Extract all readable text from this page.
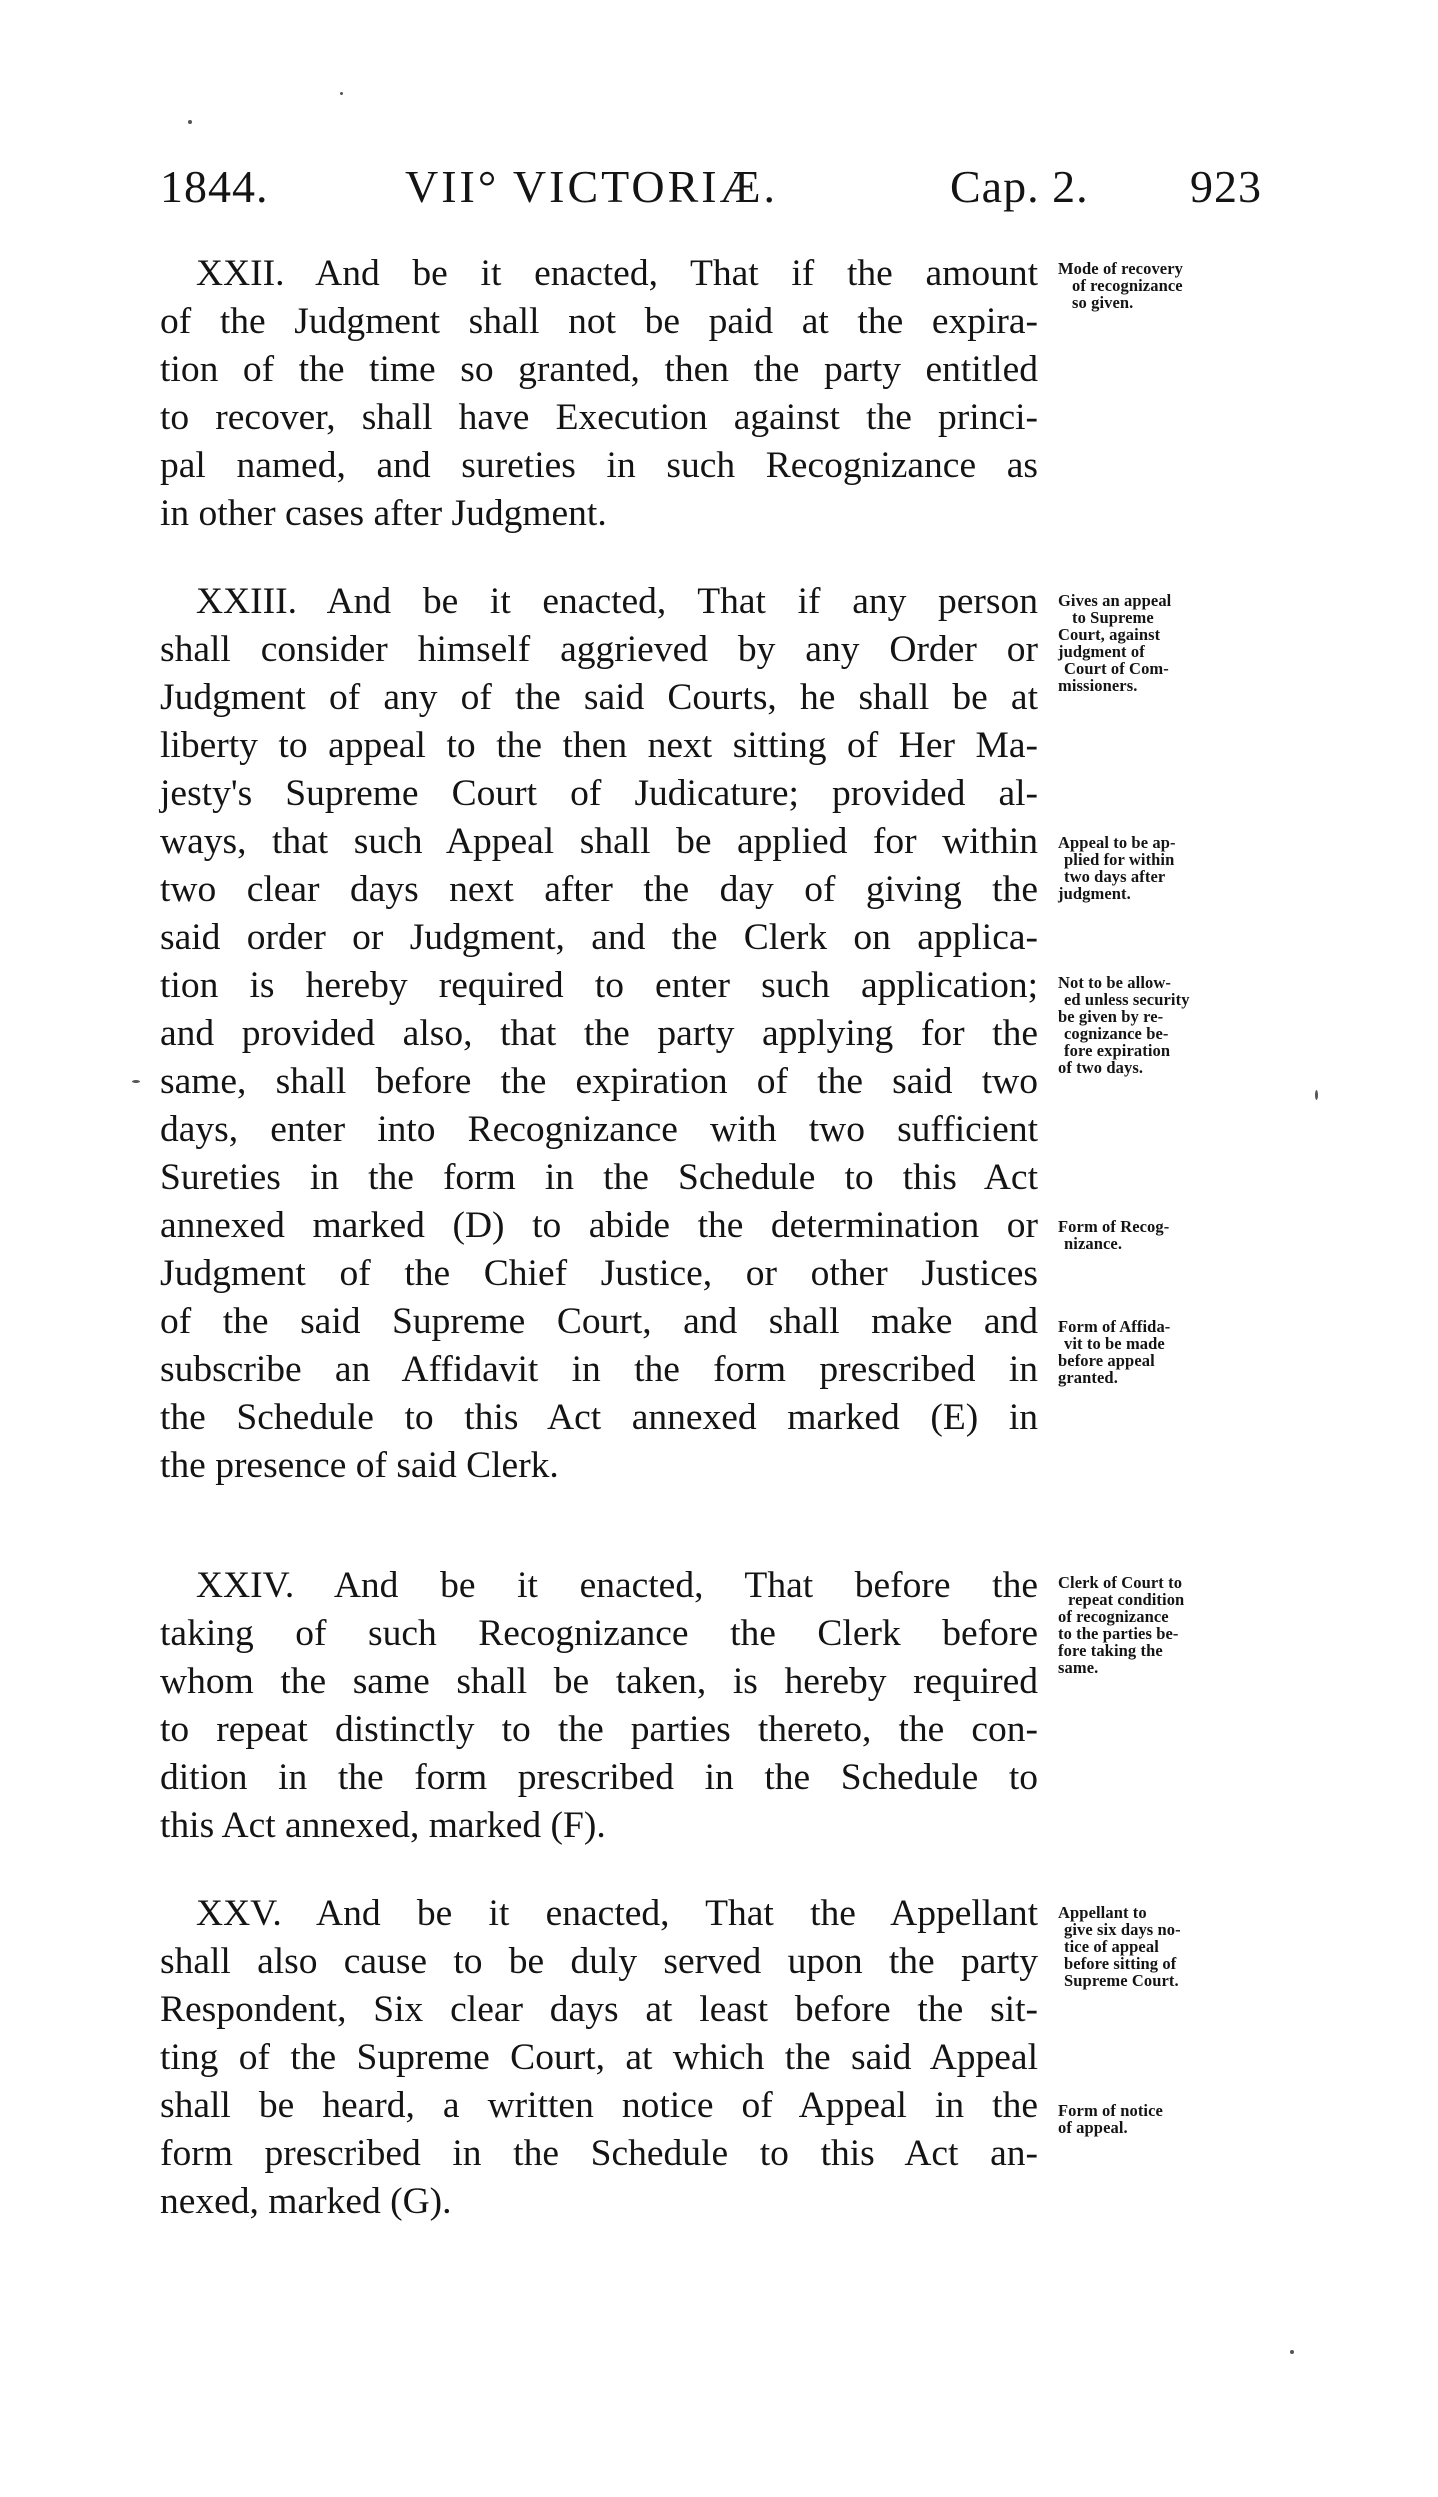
1844.	VII° VICTORIÆ.	Cap. 2. 923
XXII. And be it enacted, That if the amount
of the Judgment shall not be paid at the expira-
tion of the time so granted, then the party entitled
to recover, shall have Execution against the princi-
pal named, and sureties in such Recognizance as
in other cases after Judgment.
Mode of recovery
of recognizance
so given.
XXIII. And be it enacted, That if any person
shall consider himself aggrieved by any Order or
Judgment of any of the said Courts, he shall be at
liberty to appeal to the then next sitting of Her Ma-
jesty's Supreme Court of Judicature; provided al-
ways, that such Appeal shall be applied for within
two clear days next after the day of giving the
said order or Judgment, and the Clerk on applica-
tion is hereby required to enter such application;
and provided also, that the party applying for the
same, shall before the expiration of the said two
days, enter into Recognizance with two sufficient
Sureties in the form in the Schedule to this Act
annexed marked (D) to abide the determination or
Judgment of the Chief Justice, or other Justices
of the said Supreme Court, and shall make and
subscribe an Affidavit in the form prescribed in
the Schedule to this Act annexed marked (E) in
the presence of said Clerk.
Gives an appeal
to Supreme
Court, against
judgment of
Court of Com-
missioners.
Appeal to be ap-
plied for within
two days after
judgment.
Not to be allow-
ed unless security
be given by re-
cognizance be-
fore expiration
of two days.
Form of Recog-
nizance.
Form of Affida-
vit to be made
before appeal
granted.
XXIV. And be it enacted, That before the
taking of such Recognizance the Clerk before
whom the same shall be taken, is hereby required
to repeat distinctly to the parties thereto, the con-
dition in the form prescribed in the Schedule to
this Act annexed, marked (F).
Clerk of Court to
repeat condition
of recognizance
to the parties be-
fore taking the
same.
XXV. And be it enacted, That the Appellant
shall also cause to be duly served upon the party
Respondent, Six clear days at least before the sit-
ting of the Supreme Court, at which the said Appeal
shall be heard, a written notice of Appeal in the
form prescribed in the Schedule to this Act an-
nexed, marked (G).
Appellant to
give six days no-
tice of appeal
before sitting of
Supreme Court.
Form of notice
of appeal.
